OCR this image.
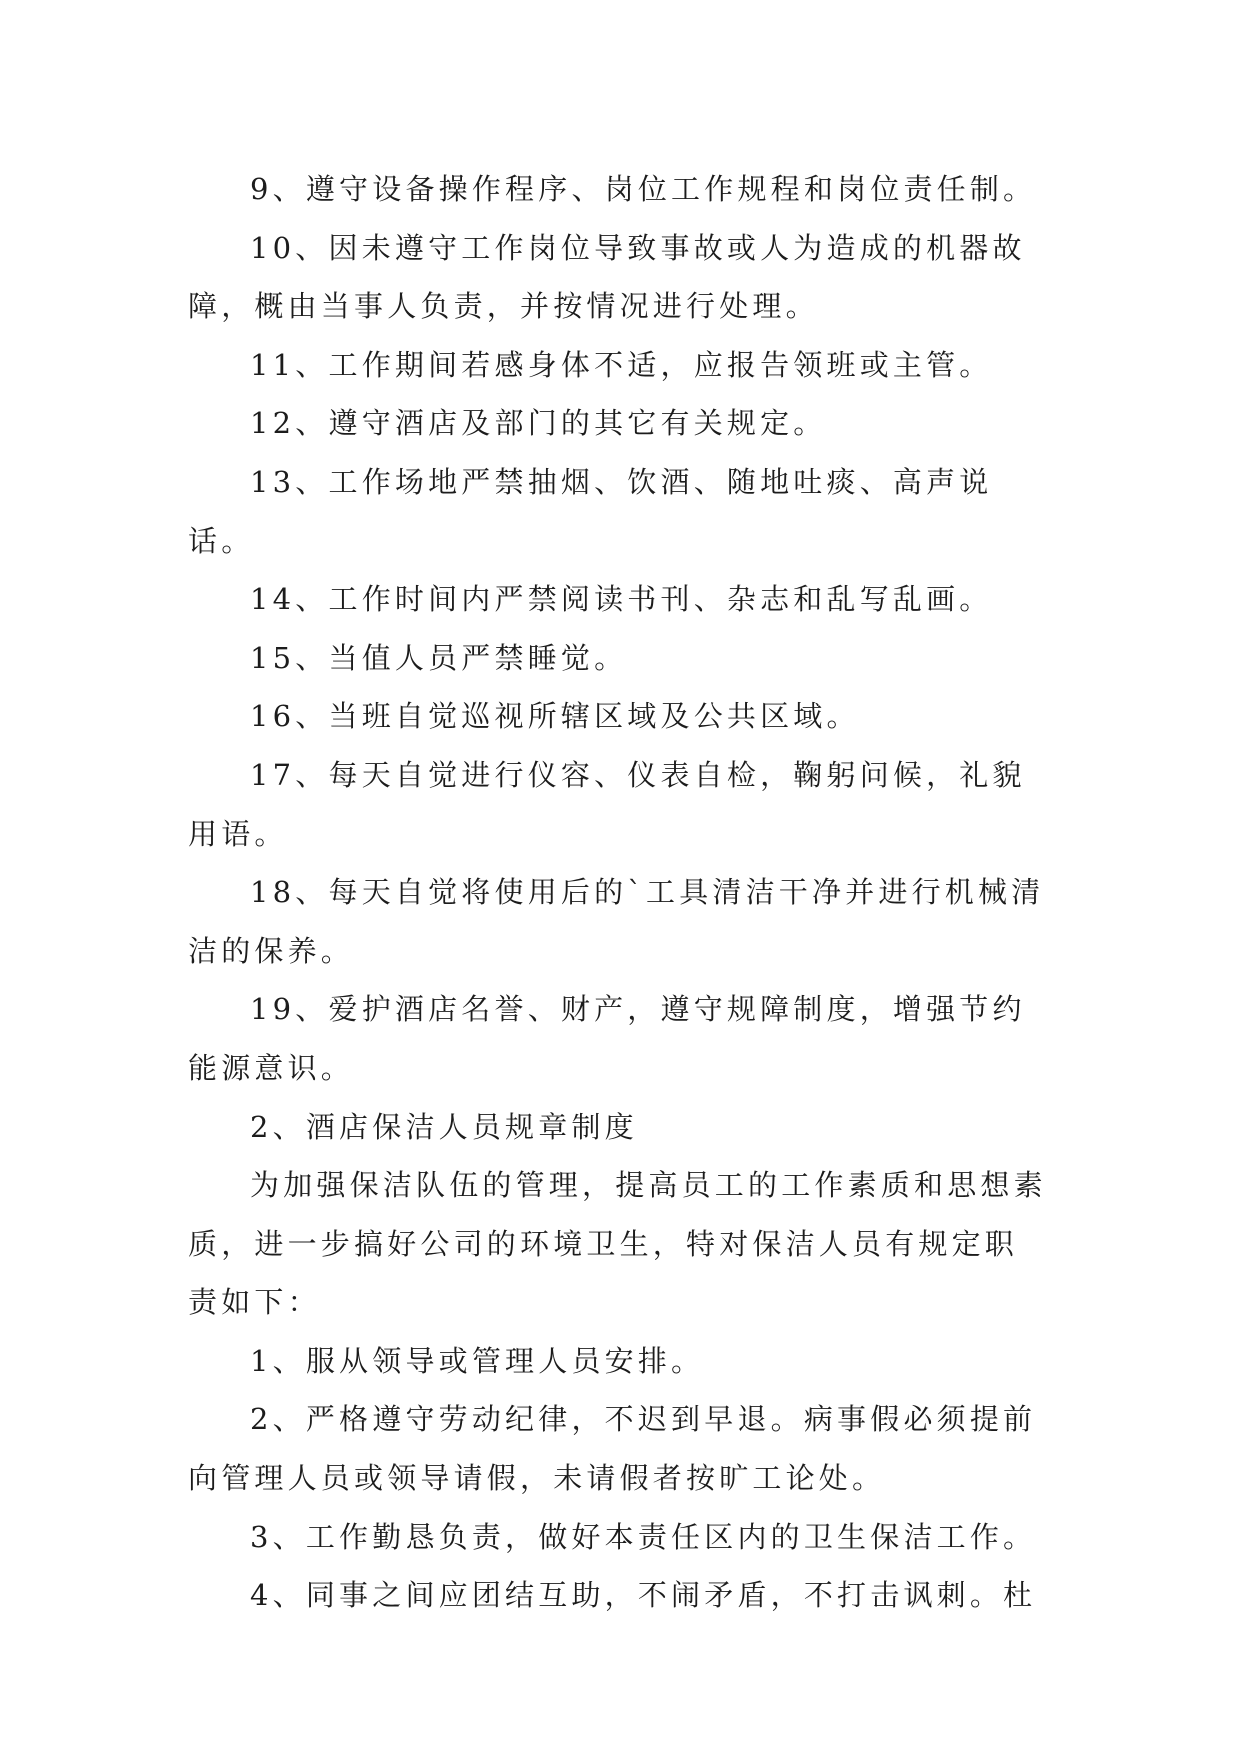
9、遵守设备操作程序、岗位工作规程和岗位责任制。

10、因未遵守工作岗位导致事故或人为造成的机器故障，概由当事人负责，并按情况进行处理。

11、工作期间若感身体不适，应报告领班或主管。

12、遵守酒店及部门的其它有关规定。

13、工作场地严禁抽烟、饮酒、随地吐痰、高声说话。

14、工作时间内严禁阅读书刊、杂志和乱写乱画。

15、当值人员严禁睡觉。

16、当班自觉巡视所辖区域及公共区域。

17、每天自觉进行仪容、仪表自检，鞠躬问候，礼貌用语。

18、每天自觉将使用后的`工具清洁干净并进行机械清洁的保养。

19、爱护酒店名誉、财产，遵守规障制度，增强节约能源意识。

2、酒店保洁人员规章制度

为加强保洁队伍的管理，提高员工的工作素质和思想素质，进一步搞好公司的环境卫生，特对保洁人员有规定职责如下：

1、服从领导或管理人员安排。

2、严格遵守劳动纪律，不迟到早退。病事假必须提前向管理人员或领导请假，未请假者按旷工论处。

3、工作勤恳负责，做好本责任区内的卫生保洁工作。

4、同事之间应团结互助，不闹矛盾，不打击讽刺。杜
